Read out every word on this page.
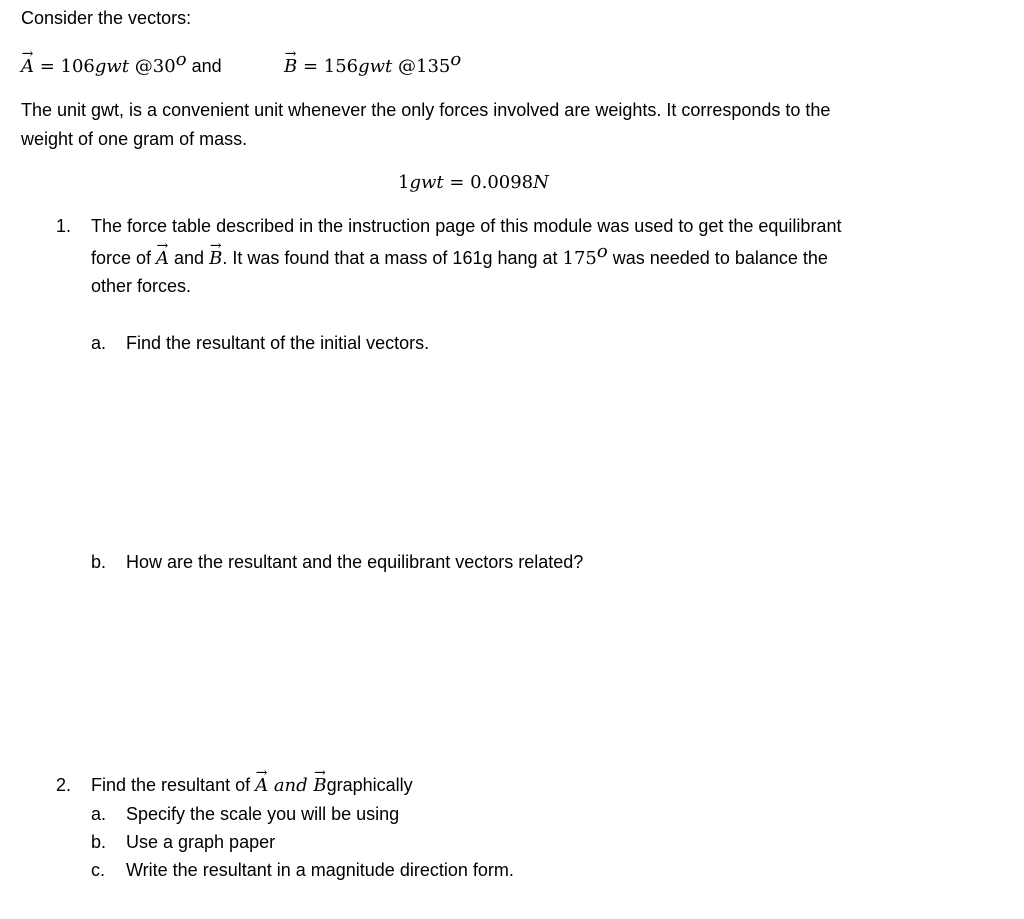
Consider the vectors:
→ A = 106gwt @30$^o$ and
→	B = 156gwt @135$^o$
The unit gwt, is a convenient unit whenever the only forces involved are weights. It corresponds to the
weight of one gram of mass.
1gwt = 0.0098N
1. The force table described in the instruction page of this module was used to get the equilibrant
force of → A and → B. It was found that a mass of 161g hang at 175$^o$ was needed to balance the
other forces.
a. Find the resultant of the initial vectors.
b. How are the resultant and the equilibrant vectors related?
2. Find the resultant of → A and → Bgraphically
a. Specify the scale you will be using
b. Use a graph paper
c. Write the resultant in a magnitude direction form.
